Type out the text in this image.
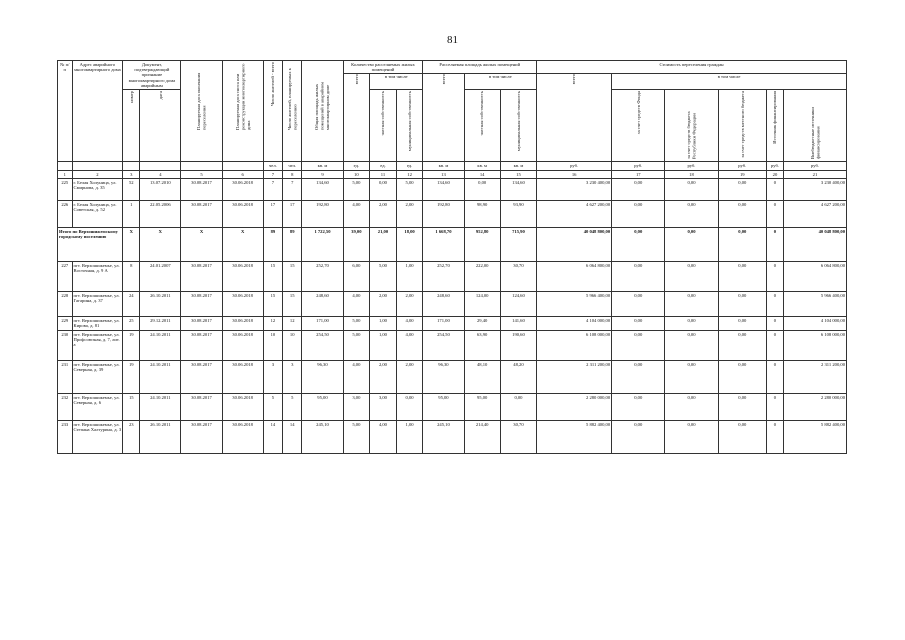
81
№ п/п	Адрес аварийного многоквартирного дома	Документ, подтверждающий признание многоквартирного дома аварийным		Планируемая дата окончания переселения	Планируемая дата сноса или реконструкции многоквартирного дома	Число жителей - всего	Число жителей, планируемых к переселению	Общая площадь жилых помещений в аварийном многоквартирном доме	Количество расселяемых жилых помещений			Расселяемая площадь жилых помещений			Стоимость переселения граждан					
									всего	в том числе		всего	в том числе		всего	в том числе				
		номер	дата							частная собственность	муниципальная собственность		частная собственность	муниципальная собственность		за счет средств Фонда	за счет средств бюджета Республики Федерации	за счет средств местного бюджета	Источник финансирования	Внебюджетные источники финансирования
						чел.	чел.	кв. м	ед.	ед.	ед.	кв. м	кв. м	кв. м	руб.	руб.	руб.	руб.	руб.	руб.
1	2	3	4	5	6	7	8	9	10	11	12	13	14	15	16	17	18	19	20	21
225	г. Белая Холуница, ул. Смирнова, д. 35	52	13.07.2010	30.08.2017	30.06.2018	7	7	134,60	5,00	0,00	5,00	134,60	0,00	134,60	3 230 400,00	0,00	0,00	0,00	0	3 230 400,00
226	г. Белая Холуница, ул. Советская, д. 52	1	22.05.2006	30.08.2017	30.06.2018	17	17	192,80	4,00	2,00	2,00	192,80	98,90	93,90	4 627 200,00	0,00	0,00	0,00	0	4 627 200,00
Итого по Верхошижемскому городскому поселению		X	X	X	X	89	89	1 722,50	39,00	21,00	18,00	1 668,70	952,80	715,90	40 048 800,00	0,00	0,00	0,00	0	40 048 800,00
227	пгт. Верхошижемье, ул. Восточная, д. 9 А	8	24.01.2007	30.08.2017	30.06.2018	15	15	252,70	6,00	5,00	1,00	252,70	222,00	30,70	6 064 800,00	0,00	0,00	0,00	0	6 064 800,00
228	пгт. Верхошижемье, ул. Гагарина, д. 37	24	26.10.2011	30.08.2017	30.06.2018	15	15	248,60	4,00	2,00	2,00	248,60	124,00	124,60	5 966 400,00	0,00	0,00	0,00	0	5 966 400,00
229	пгт. Верхошижемье, ул. Кирова, д. 81	25	29.12.2011	30.08.2017	30.06.2018	12	12	171,00	5,00	1,00	4,00	171,00	29,40	141,60	4 104 000,00	0,00	0,00	0,00	0	4 104 000,00
230	пгт. Верхошижемье, ул. Профсоюзная, д. 7, лит. а	19	24.10.2011	30.08.2017	30.06.2018	10	10	254,50	5,00	1,00	4,00	254,50	63,90	190,60	6 108 000,00	0,00	0,00	0,00	0	6 108 000,00
231	пгт. Верхошижемье, ул. Северная, д. 39	19	24.10.2011	30.08.2017	30.06.2018	3	3	96,30	4,00	2,00	2,00	96,30	48,10	48,20	2 311 200,00	0,00	0,00	0,00	0	2 311 200,00
232	пгт. Верхошижемье, ул. Северная, д. 6	15	24.10.2011	30.08.2017	30.06.2018	5	5	95,00	3,00	3,00	0,00	95,00	95,00	0,00	2 280 000,00	0,00	0,00	0,00	0	2 280 000,00
233	пгт. Верхошижемье, ул. Степана Халтурина, д. 3	23	26.10.2011	30.08.2017	30.06.2018	14	14	245,10	5,00	4,00	1,00	245,10	214,40	30,70	5 882 400,00	0,00	0,00	0,00	0	5 882 400,00
